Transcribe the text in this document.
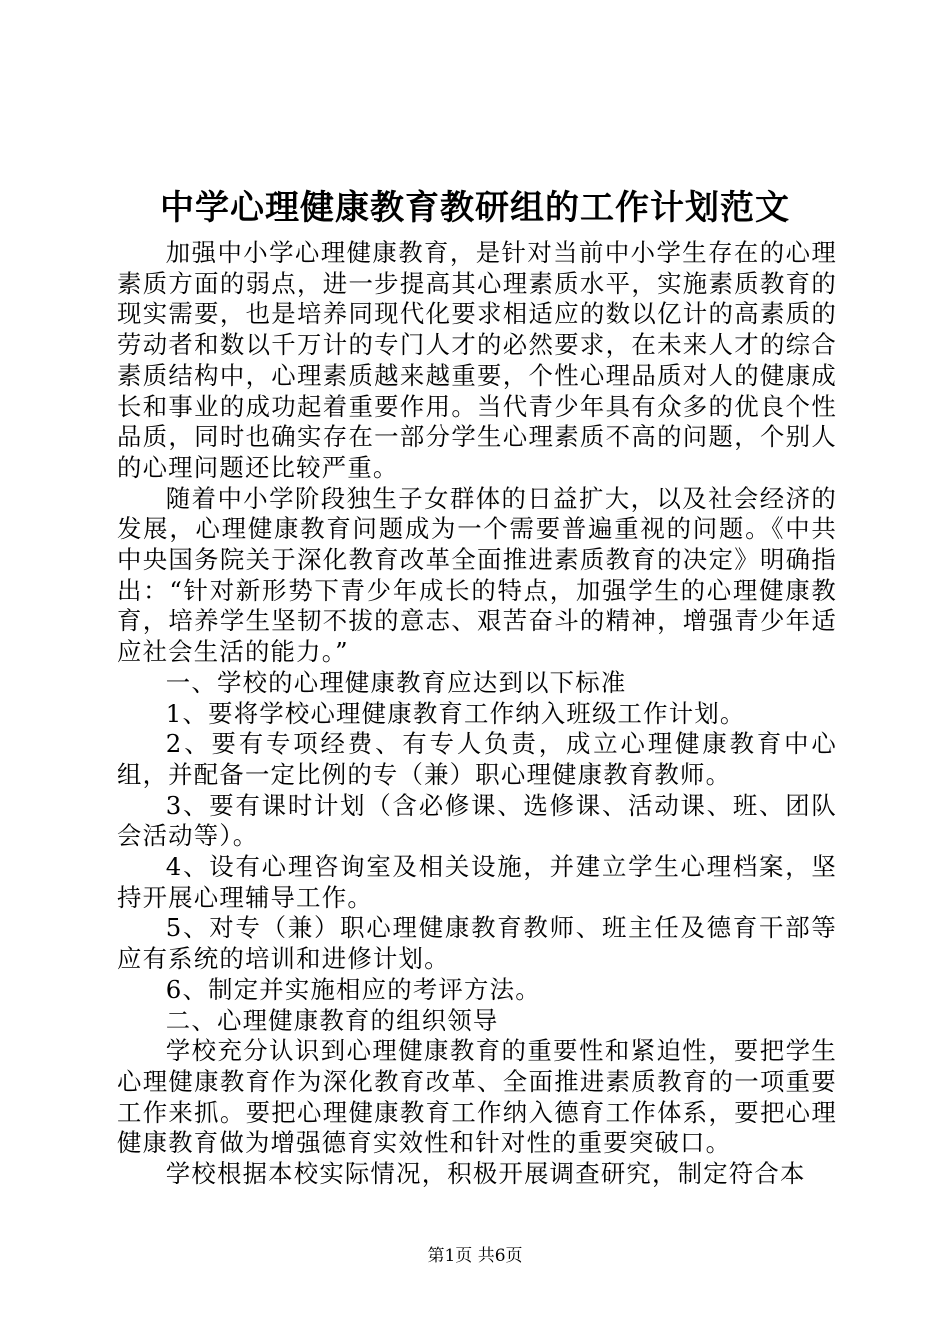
中学心理健康教育教研组的工作计划范文

加强中小学心理健康教育，是针对当前中小学生存在的心理素质方面的弱点，进一步提高其心理素质水平，实施素质教育的现实需要，也是培养同现代化要求相适应的数以亿计的高素质的劳动者和数以千万计的专门人才的必然要求，在未来人才的综合素质结构中，心理素质越来越重要，个性心理品质对人的健康成长和事业的成功起着重要作用。当代青少年具有众多的优良个性品质，同时也确实存在一部分学生心理素质不高的问题，个别人的心理问题还比较严重。

随着中小学阶段独生子女群体的日益扩大，以及社会经济的发展，心理健康教育问题成为一个需要普遍重视的问题。《中共中央国务院关于深化教育改革全面推进素质教育的决定》明确指出：“针对新形势下青少年成长的特点，加强学生的心理健康教育，培养学生坚韧不拔的意志、艰苦奋斗的精神，增强青少年适应社会生活的能力。”

一、学校的心理健康教育应达到以下标准

1、要将学校心理健康教育工作纳入班级工作计划。

2、要有专项经费、有专人负责，成立心理健康教育中心组，并配备一定比例的专（兼）职心理健康教育教师。

3、要有课时计划（含必修课、选修课、活动课、班、团队会活动等）。

4、设有心理咨询室及相关设施，并建立学生心理档案，坚持开展心理辅导工作。

5、对专（兼）职心理健康教育教师、班主任及德育干部等应有系统的培训和进修计划。

6、制定并实施相应的考评方法。

二、心理健康教育的组织领导

学校充分认识到心理健康教育的重要性和紧迫性，要把学生心理健康教育作为深化教育改革、全面推进素质教育的一项重要工作来抓。要把心理健康教育工作纳入德育工作体系，要把心理健康教育做为增强德育实效性和针对性的重要突破口。

学校根据本校实际情况，积极开展调查研究，制定符合本

第1页 共6页
